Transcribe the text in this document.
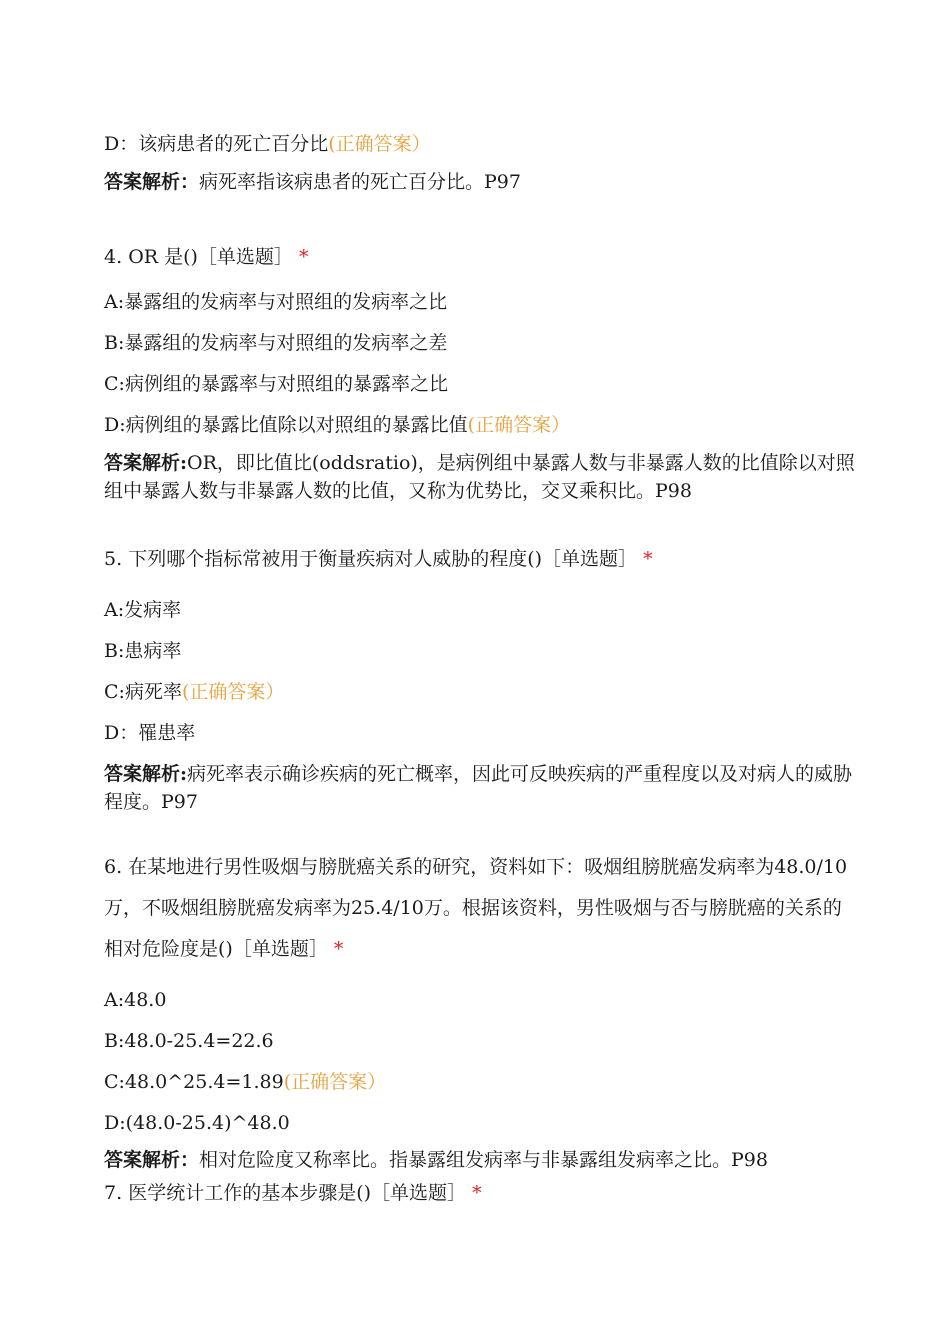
D：该病患者的死亡百分比(正确答案）
答案解析：病死率指该病患者的死亡百分比。P97
4. OR 是()［单选题］ *
A:暴露组的发病率与对照组的发病率之比
B:暴露组的发病率与对照组的发病率之差
C:病例组的暴露率与对照组的暴露率之比
D:病例组的暴露比值除以对照组的暴露比值(正确答案）
答案解析:OR，即比值比(oddsratio)，是病例组中暴露人数与非暴露人数的比值除以对照组中暴露人数与非暴露人数的比值，又称为优势比，交叉乘积比。P98
5. 下列哪个指标常被用于衡量疾病对人威胁的程度()［单选题］ *
A:发病率
B:患病率
C:病死率(正确答案）
D：罹患率
答案解析:病死率表示确诊疾病的死亡概率，因此可反映疾病的严重程度以及对病人的威胁程度。P97
6. 在某地进行男性吸烟与膀胱癌关系的研究，资料如下：吸烟组膀胱癌发病率为48.0/10万，不吸烟组膀胱癌发病率为25.4/10万。根据该资料，男性吸烟与否与膀胱癌的关系的相对危险度是()［单选题］ *
A:48.0
B:48.0-25.4=22.6
C:48.0^25.4=1.89(正确答案）
D:(48.0-25.4)^48.0
答案解析：相对危险度又称率比。指暴露组发病率与非暴露组发病率之比。P98
7. 医学统计工作的基本步骤是()［单选题］ *
